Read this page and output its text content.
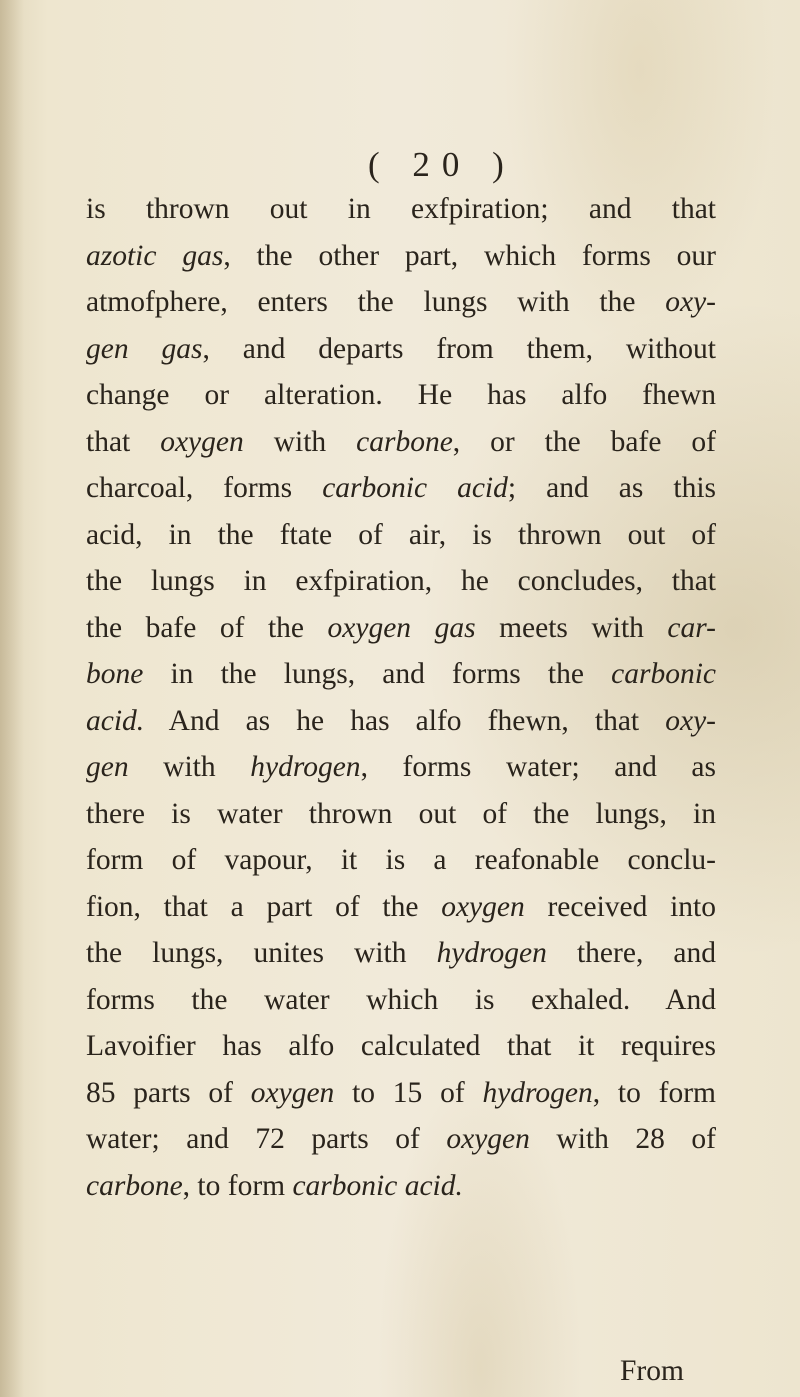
( 20 )
is thrown out in exfpiration; and that
azotic gas, the other part, which forms our
atmofphere, enters the lungs with the oxy-
gen gas, and departs from them, without
change or alteration. He has alfo fhewn
that oxygen with carbone, or the bafe of
charcoal, forms carbonic acid; and as this
acid, in the ftate of air, is thrown out of
the lungs in exfpiration, he concludes, that
the bafe of the oxygen gas meets with car-
bone in the lungs, and forms the carbonic
acid. And as he has alfo fhewn, that oxy-
gen with hydrogen, forms water; and as
there is water thrown out of the lungs, in
form of vapour, it is a reafonable conclu-
fion, that a part of the oxygen received into
the lungs, unites with hydrogen there, and
forms the water which is exhaled. And
Lavoifier has alfo calculated that it requires
85 parts of oxygen to 15 of hydrogen, to form
water; and 72 parts of oxygen with 28 of
carbone, to form carbonic acid.
From
